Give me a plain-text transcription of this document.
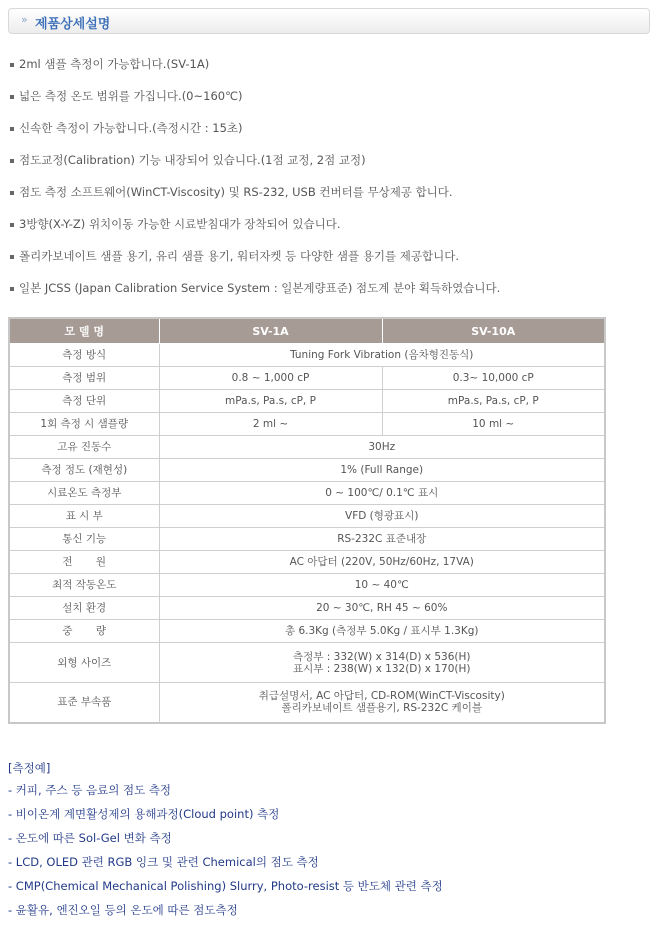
» 제품상세설명
2ml 샘플 측정이 가능합니다.(SV-1A)
넓은 측정 온도 범위를 가집니다.(0~160℃)
신속한 측정이 가능합니다.(측정시간 : 15초)
점도교정(Calibration) 기능 내장되어 있습니다.(1점 교정, 2점 교정)
점도 측정 소프트웨어(WinCT-Viscosity) 및 RS-232, USB 컨버터를 무상제공 합니다.
3방향(X-Y-Z) 위치이동 가능한 시료받침대가 장착되어 있습니다.
폴리카보네이트 샘플 용기, 유리 샘플 용기, 워터자켓 등 다양한 샘플 용기를 제공합니다.
일본 JCSS (Japan Calibration Service System : 일본계량표준) 점도계 분야 획득하였습니다.
모 델 명	SV-1A	SV-10A
측정 방식	Tuning Fork Vibration (음차형진동식)	
측정 범위	0.8 ~ 1,000 cP	0.3~ 10,000 cP
측정 단위	mPa.s, Pa.s, cP, P	mPa.s, Pa.s, cP, P
1회 측정 시 샘플량	2 ml ~	10 ml ~
고유 진동수	30Hz	
측정 정도 (재현성)	1% (Full Range)	
시료온도 측정부	0 ~ 100℃/ 0.1℃ 표시	
표 시 부	VFD (형광표시)	
통신 기능	RS-232C 표준내장	
전       원	AC 아답터 (220V, 50Hz/60Hz, 17VA)	
최적 작동온도	10 ~ 40℃	
설치 환경	20 ~ 30℃, RH 45 ~ 60%	
중       량	총 6.3Kg (측정부 5.0Kg / 표시부 1.3Kg)	
외형 사이즈	측정부 : 332(W) x 314(D) x 536(H)
표시부 : 238(W) x 132(D) x 170(H)	

표준 부속품	취급설명서, AC 아답터, CD-ROM(WinCT-Viscosity)
폴리카보네이트 샘플용기, RS-232C 케이블	
[측정예]
- 커피, 주스 등 음료의 점도 측정
- 비이온계 계면활성제의 용해과정(Cloud point) 측정
- 온도에 따른 Sol-Gel 변화 측정
- LCD, OLED 관련 RGB 잉크 및 관련 Chemical의 점도 측정
- CMP(Chemical Mechanical Polishing) Slurry, Photo-resist 등 반도체 관련 측정
- 윤활유, 엔진오일 등의 온도에 따른 점도측정
